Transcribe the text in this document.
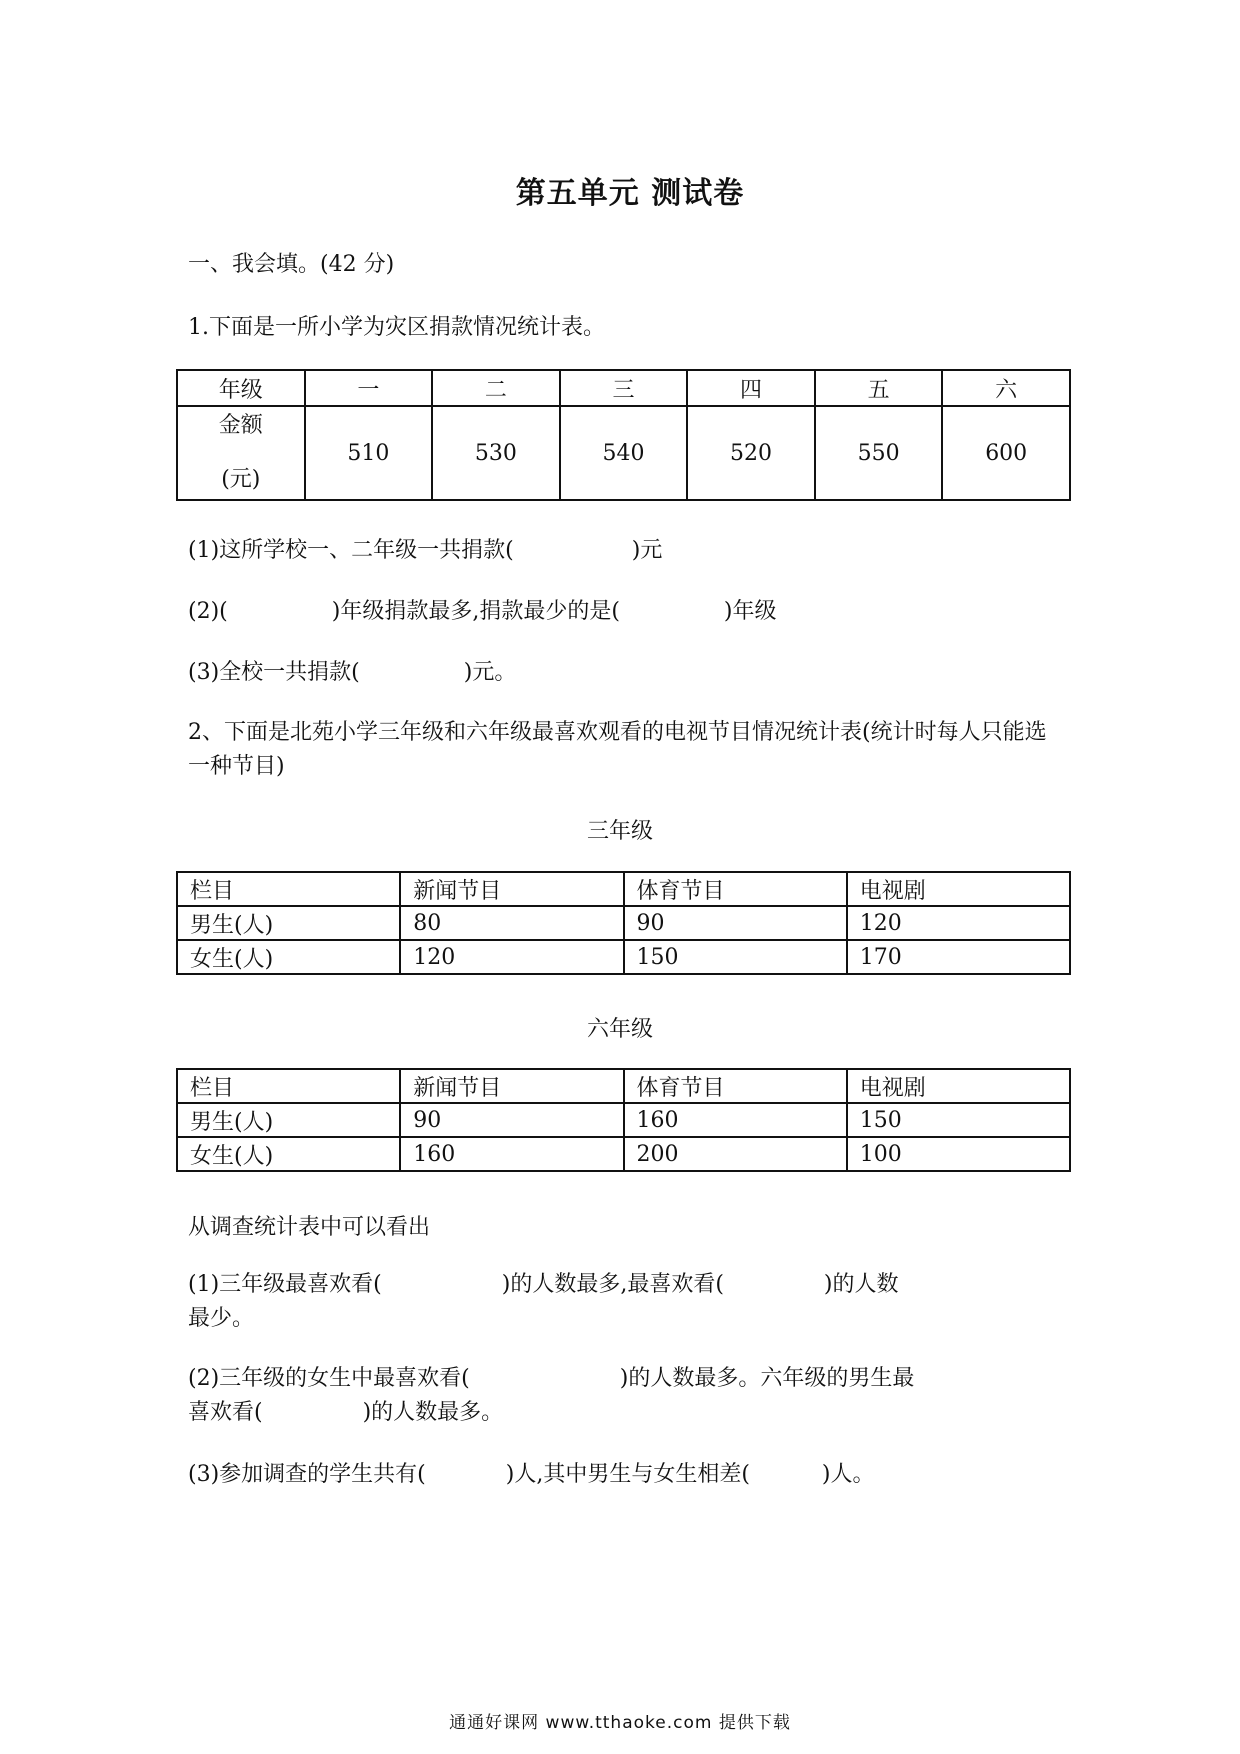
第五单元 测试卷
一、我会填。(42 分)
1.下面是一所小学为灾区捐款情况统计表。
年级	一	二	三	四	五	六

金额
(元)	510	530	540	520	550	600
(1)这所学校一、二年级一共捐款(	)元
(2)(	)年级捐款最多,捐款最少的是(	)年级
(3)全校一共捐款(	)元。
2、下面是北苑小学三年级和六年级最喜欢观看的电视节目情况统计表(统计时每人只能选一种节目)
三年级
栏目	新闻节目	体育节目	电视剧
男生(人)	80	90	120
女生(人)	120	150	170
六年级
栏目	新闻节目	体育节目	电视剧
男生(人)	90	160	150
女生(人)	160	200	100
从调查统计表中可以看出
(1)三年级最喜欢看(	)的人数最多,最喜欢看(	)的人数
最少。
(2)三年级的女生中最喜欢看(	)的人数最多。六年级的男生最
喜欢看(	)的人数最多。
(3)参加调查的学生共有(	)人,其中男生与女生相差(	)人。
通通好课网 www.tthaoke.com 提供下载
